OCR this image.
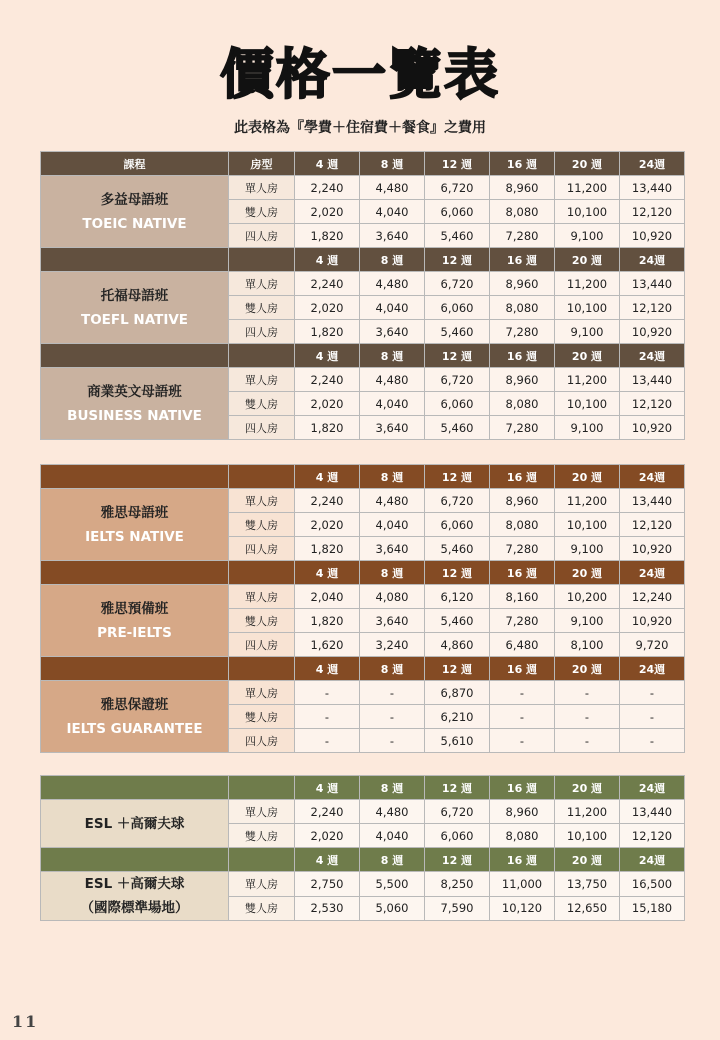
價格一覽表
此表格為『學費＋住宿費＋餐食』之費用
課程	房型	4 週	8 週	12 週	16 週	20 週	24週

多益母語班
TOEIC NATIVE	單人房	2,240	4,480	6,720	8,960	11,200	13,440
	雙人房	2,020	4,040	6,060	8,080	10,100	12,120
	四人房	1,820	3,640	5,460	7,280	9,100	10,920
		4 週	8 週	12 週	16 週	20 週	24週

托福母語班
TOEFL NATIVE	單人房	2,240	4,480	6,720	8,960	11,200	13,440
	雙人房	2,020	4,040	6,060	8,080	10,100	12,120
	四人房	1,820	3,640	5,460	7,280	9,100	10,920
		4 週	8 週	12 週	16 週	20 週	24週

商業英文母語班
BUSINESS NATIVE	單人房	2,240	4,480	6,720	8,960	11,200	13,440
	雙人房	2,020	4,040	6,060	8,080	10,100	12,120
	四人房	1,820	3,640	5,460	7,280	9,100	10,920
		4 週	8 週	12 週	16 週	20 週	24週

雅思母語班
IELTS NATIVE	單人房	2,240	4,480	6,720	8,960	11,200	13,440
	雙人房	2,020	4,040	6,060	8,080	10,100	12,120
	四人房	1,820	3,640	5,460	7,280	9,100	10,920
		4 週	8 週	12 週	16 週	20 週	24週

雅思預備班
PRE-IELTS	單人房	2,040	4,080	6,120	8,160	10,200	12,240
	雙人房	1,820	3,640	5,460	7,280	9,100	10,920
	四人房	1,620	3,240	4,860	6,480	8,100	9,720
		4 週	8 週	12 週	16 週	20 週	24週

雅思保證班
IELTS GUARANTEE	單人房	-	-	6,870	-	-	-
	雙人房	-	-	6,210	-	-	-
	四人房	-	-	5,610	-	-	-
		4 週	8 週	12 週	16 週	20 週	24週

ESL ＋高爾夫球	單人房	2,240	4,480	6,720	8,960	11,200	13,440
	雙人房	2,020	4,040	6,060	8,080	10,100	12,120
		4 週	8 週	12 週	16 週	20 週	24週

ESL ＋高爾夫球
（國際標準場地）	單人房	2,750	5,500	8,250	11,000	13,750	16,500
	雙人房	2,530	5,060	7,590	10,120	12,650	15,180
11
